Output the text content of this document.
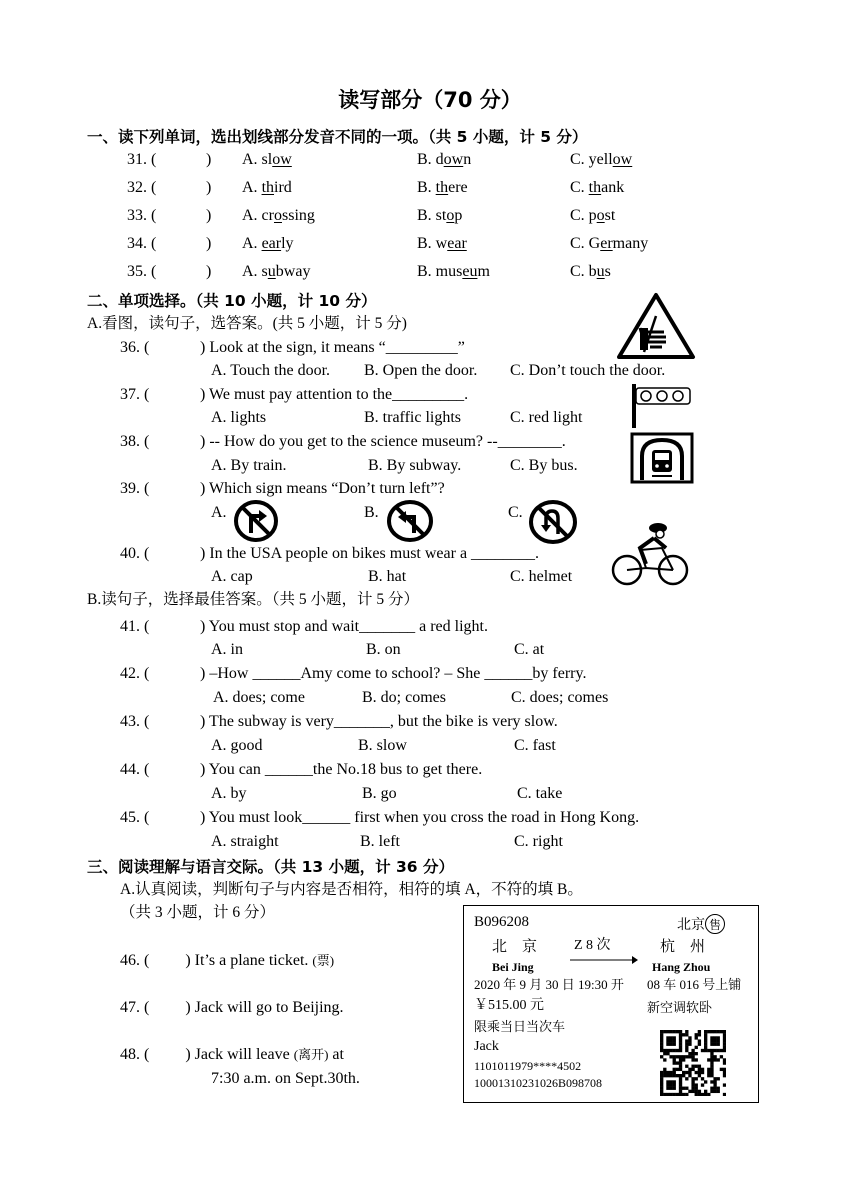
读写部分（70 分）
一、读下列单词，选出划线部分发音不同的一项。（共 5 小题，计 5 分）
31. (	) A. slow	B. down	C. yellow
32. (	) A. third	B. there	C. thank
33. (	) A. crossing	B. stop	C. post
34. (	) A. early	B. wear	C. Germany
35. (	) A. subway	B. museum	C. bus
二、单项选择。（共 10 小题，计 10 分）
A.看图，读句子，选答案。(共 5 小题，计 5 分)
B.读句子，选择最佳答案。（共 5 小题，计 5 分）
36. (	) Look at the sign, it means “_________”
A. Touch the door. B. Open the door. C. Don’t touch the door.
37. (	) We must pay attention to the_________.
A. lights	B. traffic lights	C. red light
38. (	) -- How do you get to the science museum? --________.
A. By train.	B. By subway.	C. By bus.
39. (	) Which sign means “Don’t turn left”?
A.	B.	C.
40. (	) In the USA people on bikes must wear a ________.
A. cap	B. hat	C. helmet
41. (	) You must stop and wait_______ a red light.
A. in	B. on	C. at
42. (	) –How ______Amy come to school? – She ______by ferry.
A. does; come	B. do; comes	C. does; comes
43. (	) The subway is very_______, but the bike is very slow.
A. good	B. slow	C. fast
44. (	) You can ______the No.18 bus to get there.
A. by	B. go	C. take
45. (	) You must look______ first when you cross the road in Hong Kong.
A. straight	B. left	C. right
三、阅读理解与语言交际。（共 13 小题，计 36 分）
A.认真阅读，判断句子与内容是否相符，相符的填 A，不符的填 B。
（共 3 小题，计 6 分）
46. ( ) It’s a plane ticket. (票)
47. ( ) Jack will go to Beijing.
48. ( ) Jack will leave (离开) at
7:30 a.m. on Sept.30th.
B096208	北京 售
北　京	Z 8 次	杭　州
Bei Jing	Hang Zhou
2020 年 9 月 30 日 19:30 开 08 车 016 号上铺
￥515.00 元	新空调软卧
限乘当日当次车
Jack
1101011979****4502
10001310231026B098708
